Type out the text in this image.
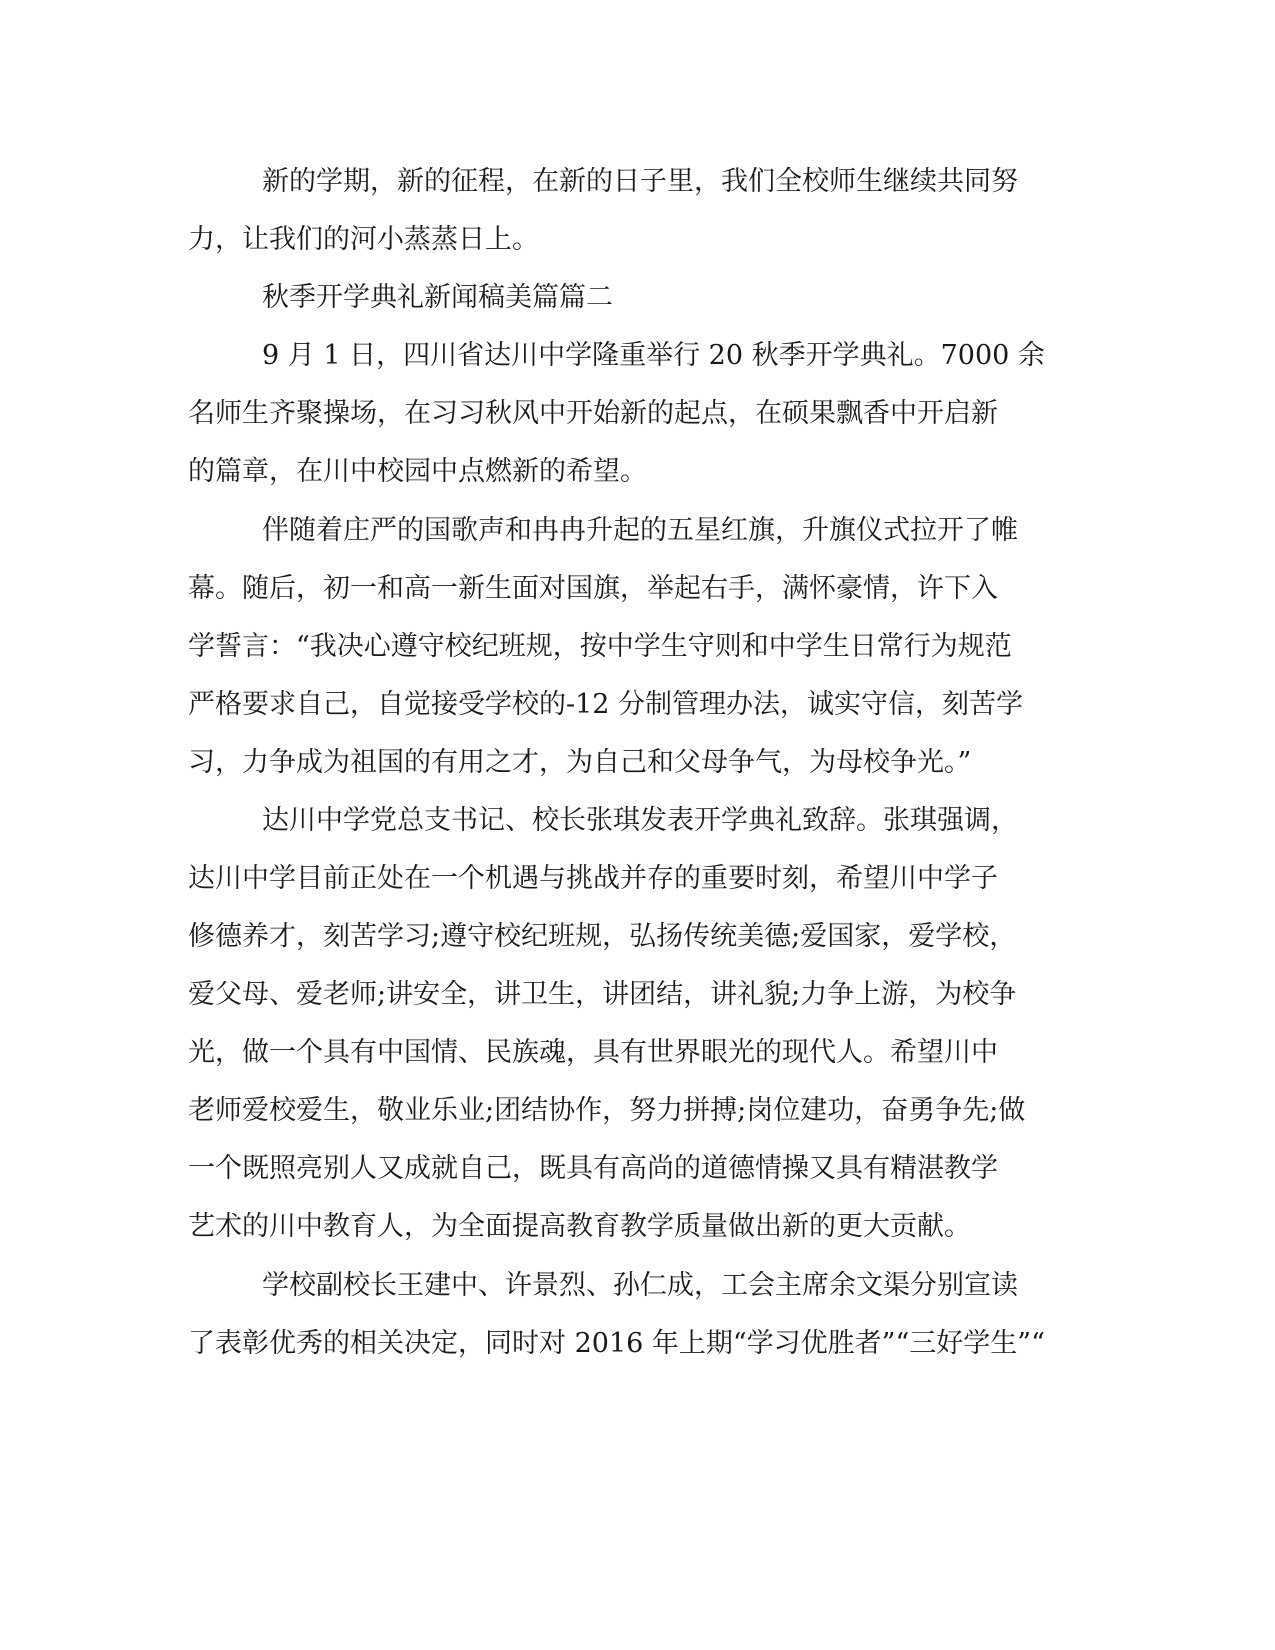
新的学期，新的征程，在新的日子里，我们全校师生继续共同努
力，让我们的河小蒸蒸日上。
秋季开学典礼新闻稿美篇篇二
9 月 1 日，四川省达川中学隆重举行 20 秋季开学典礼。7000 余
名师生齐聚操场，在习习秋风中开始新的起点，在硕果飘香中开启新
的篇章，在川中校园中点燃新的希望。
伴随着庄严的国歌声和冉冉升起的五星红旗，升旗仪式拉开了帷
幕。随后，初一和高一新生面对国旗，举起右手，满怀豪情，许下入
学誓言：“我决心遵守校纪班规，按中学生守则和中学生日常行为规范
严格要求自己，自觉接受学校的-12 分制管理办法，诚实守信，刻苦学
习，力争成为祖国的有用之才，为自己和父母争气，为母校争光。”
达川中学党总支书记、校长张琪发表开学典礼致辞。张琪强调，
达川中学目前正处在一个机遇与挑战并存的重要时刻，希望川中学子
修德养才，刻苦学习;遵守校纪班规，弘扬传统美德;爱国家，爱学校，
爱父母、爱老师;讲安全，讲卫生，讲团结，讲礼貌;力争上游，为校争
光，做一个具有中国情、民族魂，具有世界眼光的现代人。希望川中
老师爱校爱生，敬业乐业;团结协作，努力拼搏;岗位建功，奋勇争先;做
一个既照亮别人又成就自己，既具有高尚的道德情操又具有精湛教学
艺术的川中教育人，为全面提高教育教学质量做出新的更大贡献。
学校副校长王建中、许景烈、孙仁成，工会主席余文渠分别宣读
了表彰优秀的相关决定，同时对 2016 年上期“学习优胜者”“三好学生”“
